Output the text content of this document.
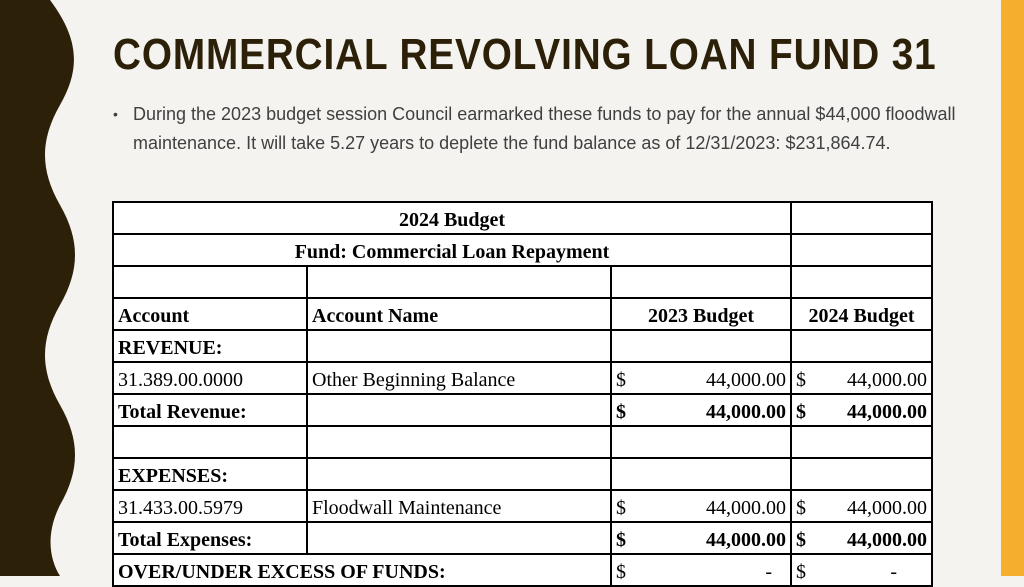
COMMERCIAL REVOLVING LOAN FUND 31
• During the 2023 budget session Council earmarked these funds to pay for the annual $44,000 floodwall maintenance. It will take 5.27 years to deplete the fund balance as of 12/31/2023: $231,864.74.
2024 Budget			
Fund: Commercial Loan Repayment			

Account	Account Name	2023 Budget	2024 Budget
REVENUE:			
31.389.00.0000	Other Beginning Balance	$ 44,000.00	$ 44,000.00

Total Revenue:		$ 44,000.00	$ 44,000.00

EXPENSES:			
31.433.00.5979	Floodwall Maintenance	$ 44,000.00	$ 44,000.00

Total Expenses:		$ 44,000.00	$ 44,000.00

OVER/UNDER EXCESS OF FUNDS:		$ -	$ -
